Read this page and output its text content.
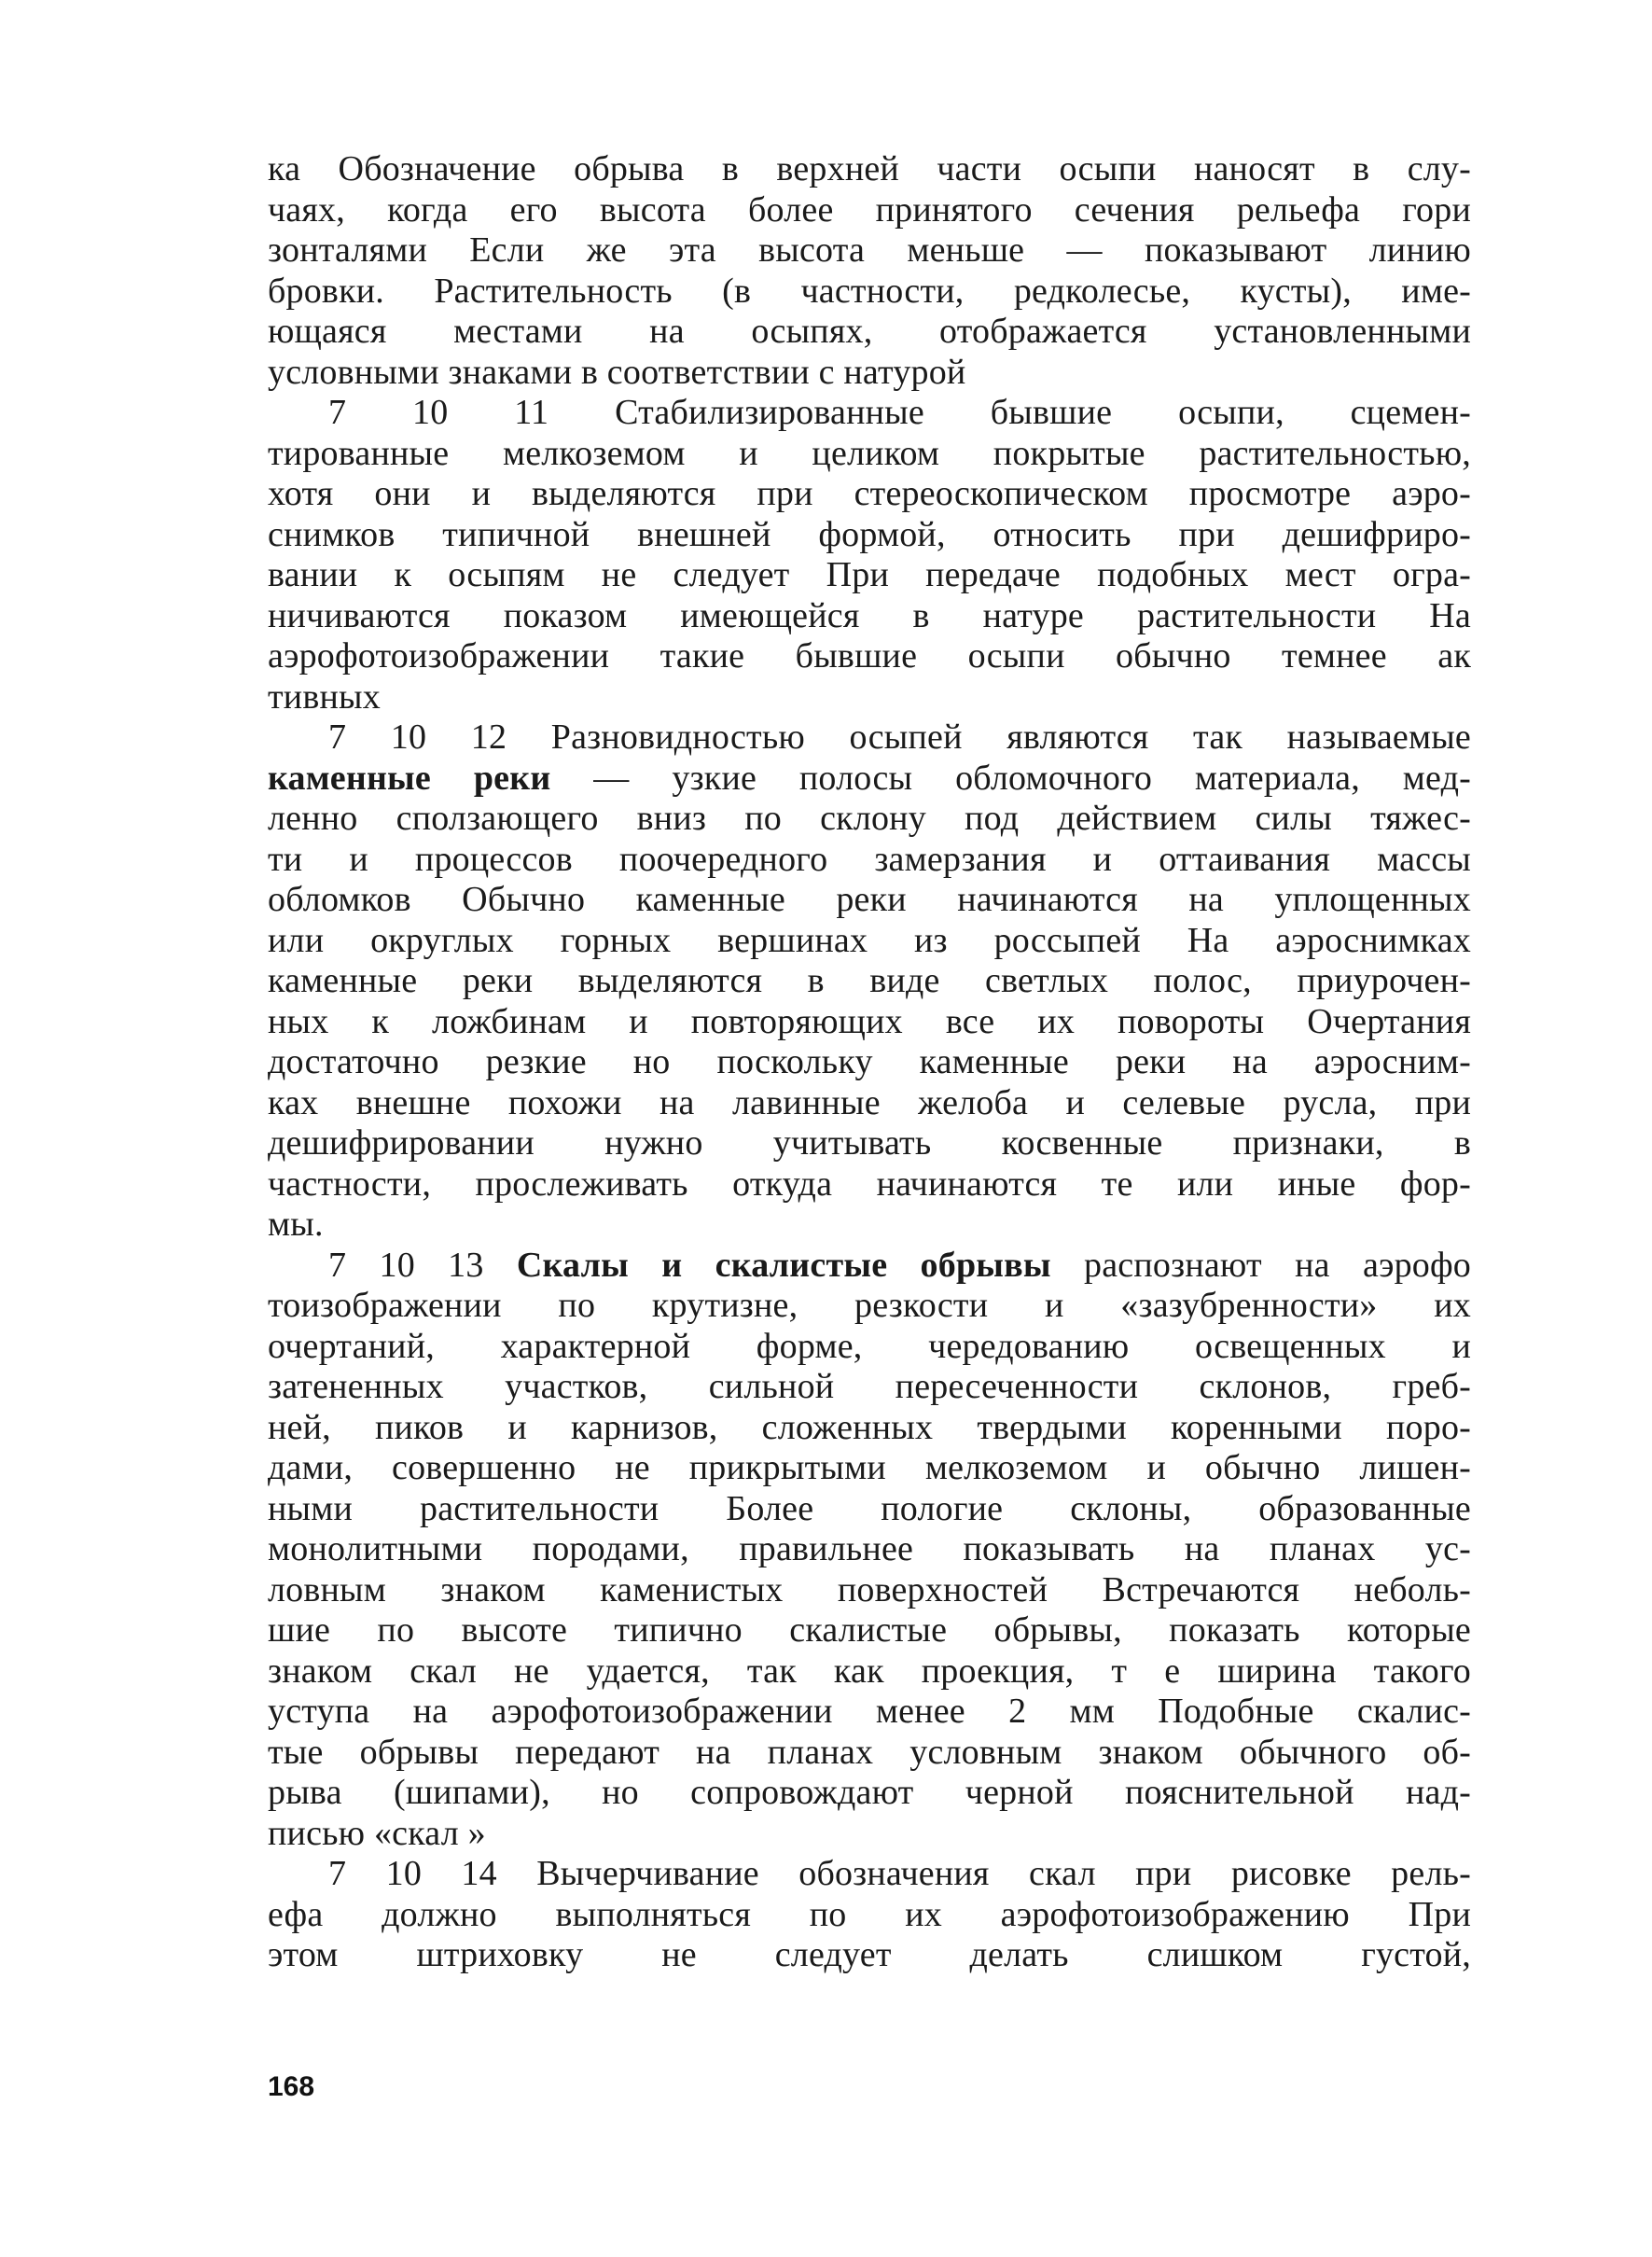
ка Обозначение обрыва в верхней части осыпи наносят в слу-
чаях, когда его высота более принятого сечения рельефа гори
зонталями Если же эта высота меньше — показывают линию
бровки. Растительность (в частности, редколесье, кусты), име-
ющаяся местами на осыпях, отображается установленными
условными знаками в соответствии с натурой
7 10 11 Стабилизированные бывшие осыпи, сцемен-
тированные мелкоземом и целиком покрытые растительностью,
хотя они и выделяются при стереоскопическом просмотре аэро-
снимков типичной внешней формой, относить при дешифриро-
вании к осыпям не следует При передаче подобных мест огра-
ничиваются показом имеющейся в натуре растительности На
аэрофотоизображении такие бывшие осыпи обычно темнее ак
тивных
7 10 12 Разновидностью осыпей являются так называемые
каменные реки — узкие полосы обломочного материала, мед-
ленно сползающего вниз по склону под действием силы тяжес-
ти и процессов поочередного замерзания и оттаивания массы
обломков Обычно каменные реки начинаются на уплощенных
или округлых горных вершинах из россыпей На аэроснимках
каменные реки выделяются в виде светлых полос, приурочен-
ных к ложбинам и повторяющих все их повороты Очертания
достаточно резкие но поскольку каменные реки на аэросним-
ках внешне похожи на лавинные желоба и селевые русла, при
дешифрировании нужно учитывать косвенные признаки, в
частности, прослеживать откуда начинаются те или иные фор-
мы.
7 10 13 Скалы и скалистые обрывы распознают на аэрофо
тоизображении по крутизне, резкости и «зазубренности» их
очертаний, характерной форме, чередованию освещенных и
затененных участков, сильной пересеченности склонов, греб-
ней, пиков и карнизов, сложенных твердыми коренными поро-
дами, совершенно не прикрытыми мелкоземом и обычно лишен-
ными растительности Более пологие склоны, образованные
монолитными породами, правильнее показывать на планах ус-
ловным знаком каменистых поверхностей Встречаются неболь-
шие по высоте типично скалистые обрывы, показать которые
знаком скал не удается, так как проекция, т е ширина такого
уступа на аэрофотоизображении менее 2 мм Подобные скалис-
тые обрывы передают на планах условным знаком обычного об-
рыва (шипами), но сопровождают черной пояснительной над-
писью «скал »
7 10 14 Вычерчивание обозначения скал при рисовке рель-
ефа должно выполняться по их аэрофотоизображению При
этом штриховку не следует делать слишком густой,
168
